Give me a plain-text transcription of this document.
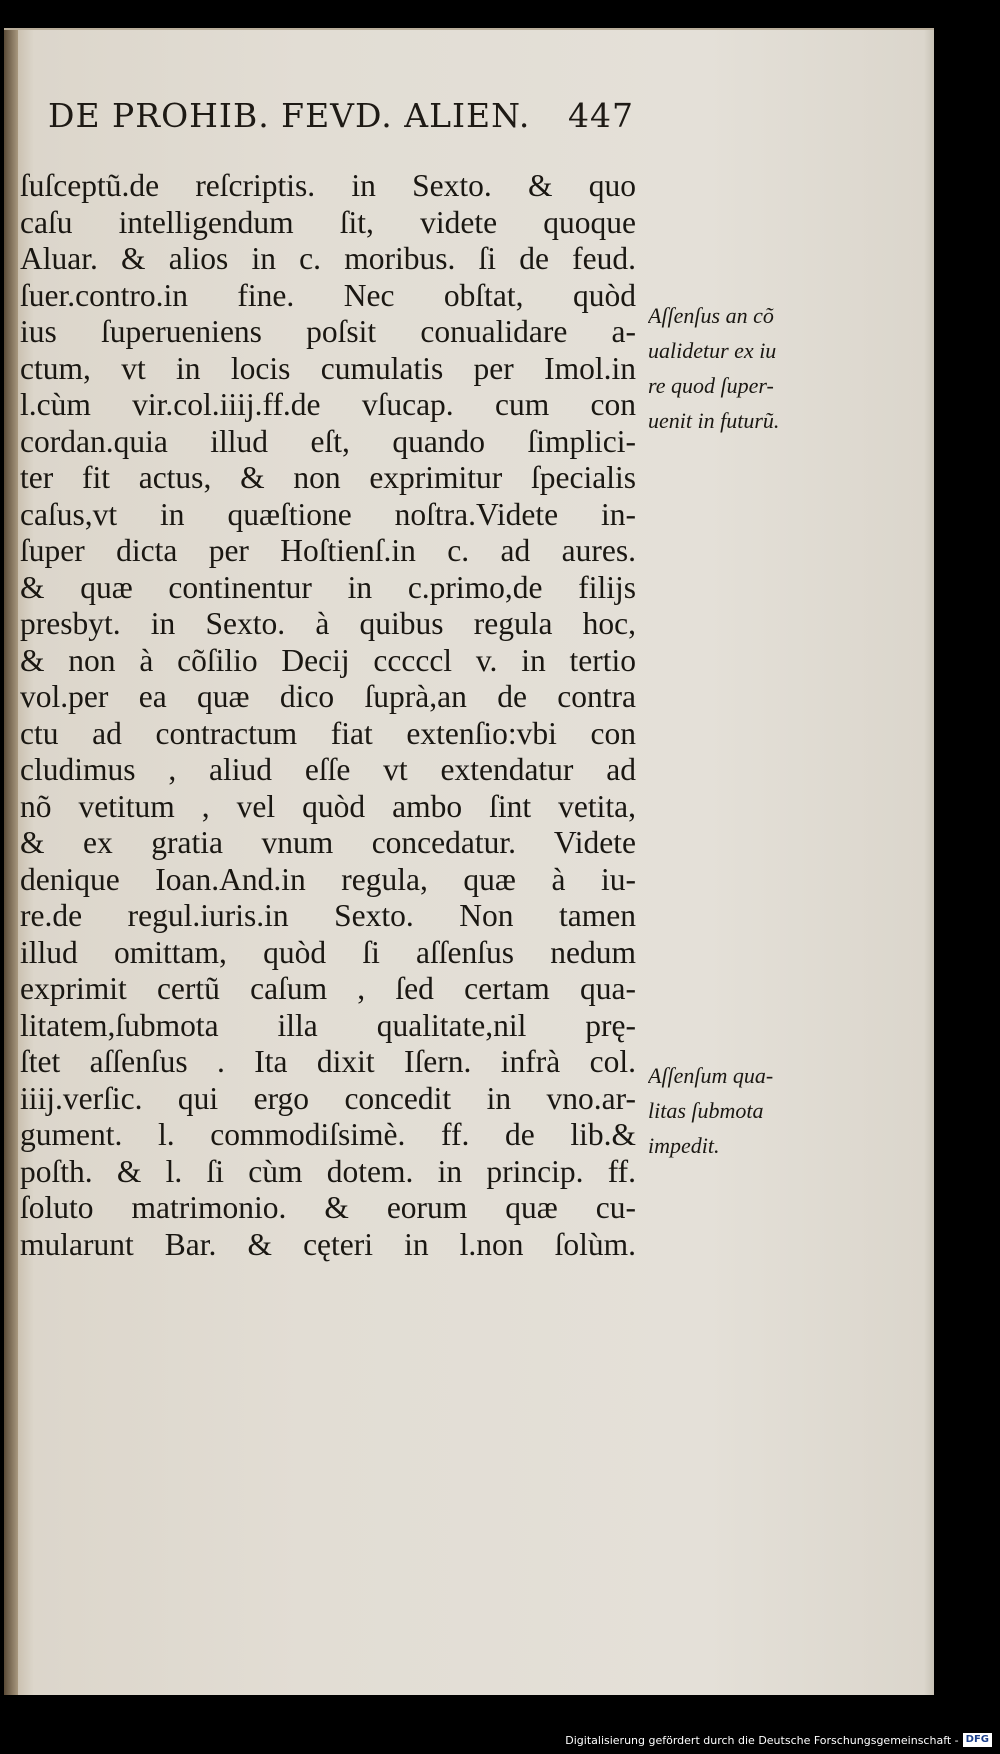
DE PROHIB. FEVD. ALIEN. 447
ſuſceptũ.de reſcriptis. in Sexto. & quo
caſu intelligendum ſit, videte quoque
Aluar. & alios in c. moribus. ſi de feud.
ſuer.contro.in fine. Nec obſtat, quòd
ius ſuperueniens poſsit conualidare a-
ctum, vt in locis cumulatis per Imol.in
l.cùm vir.col.iiij.ff.de vſucap. cum con
cordan.quia illud eſt, quando ſimplici-
ter fit actus, & non exprimitur ſpecialis
caſus,vt in quæſtione noſtra.Videte in-
ſuper dicta per Hoſtienſ.in c. ad aures.
& quæ continentur in c.primo,de filijs
presbyt. in Sexto. à quibus regula hoc,
& non à cõſilio Decij cccccl v. in tertio
vol.per ea quæ dico ſuprà,an de contra
ctu ad contractum fiat extenſio:vbi con
cludimus , aliud eſſe vt extendatur ad
nõ vetitum , vel quòd ambo ſint vetita,
& ex gratia vnum concedatur. Videte
denique Ioan.And.in regula, quæ à iu-
re.de regul.iuris.in Sexto. Non tamen
illud omittam, quòd ſi aſſenſus nedum
exprimit certũ caſum , ſed certam qua-
litatem,ſubmota illa qualitate,nil prę-
ſtet aſſenſus . Ita dixit Iſern. infrà col.
iiij.verſic. qui ergo concedit in vno.ar-
gument. l. commodiſsimè. ff. de lib.&
poſth. & l. ſi cùm dotem. in princip. ff.
ſoluto matrimonio. & eorum quæ cu-
mularunt Bar. & cęteri in l.non ſolùm.
Aſſenſus an cõ
ualidetur ex iu
re quod ſuper-
uenit in futurũ.
Aſſenſum qua-
litas ſubmota
impedit.
Digitalisierung gefördert durch die Deutsche Forschungsgemeinschaft - DFG
